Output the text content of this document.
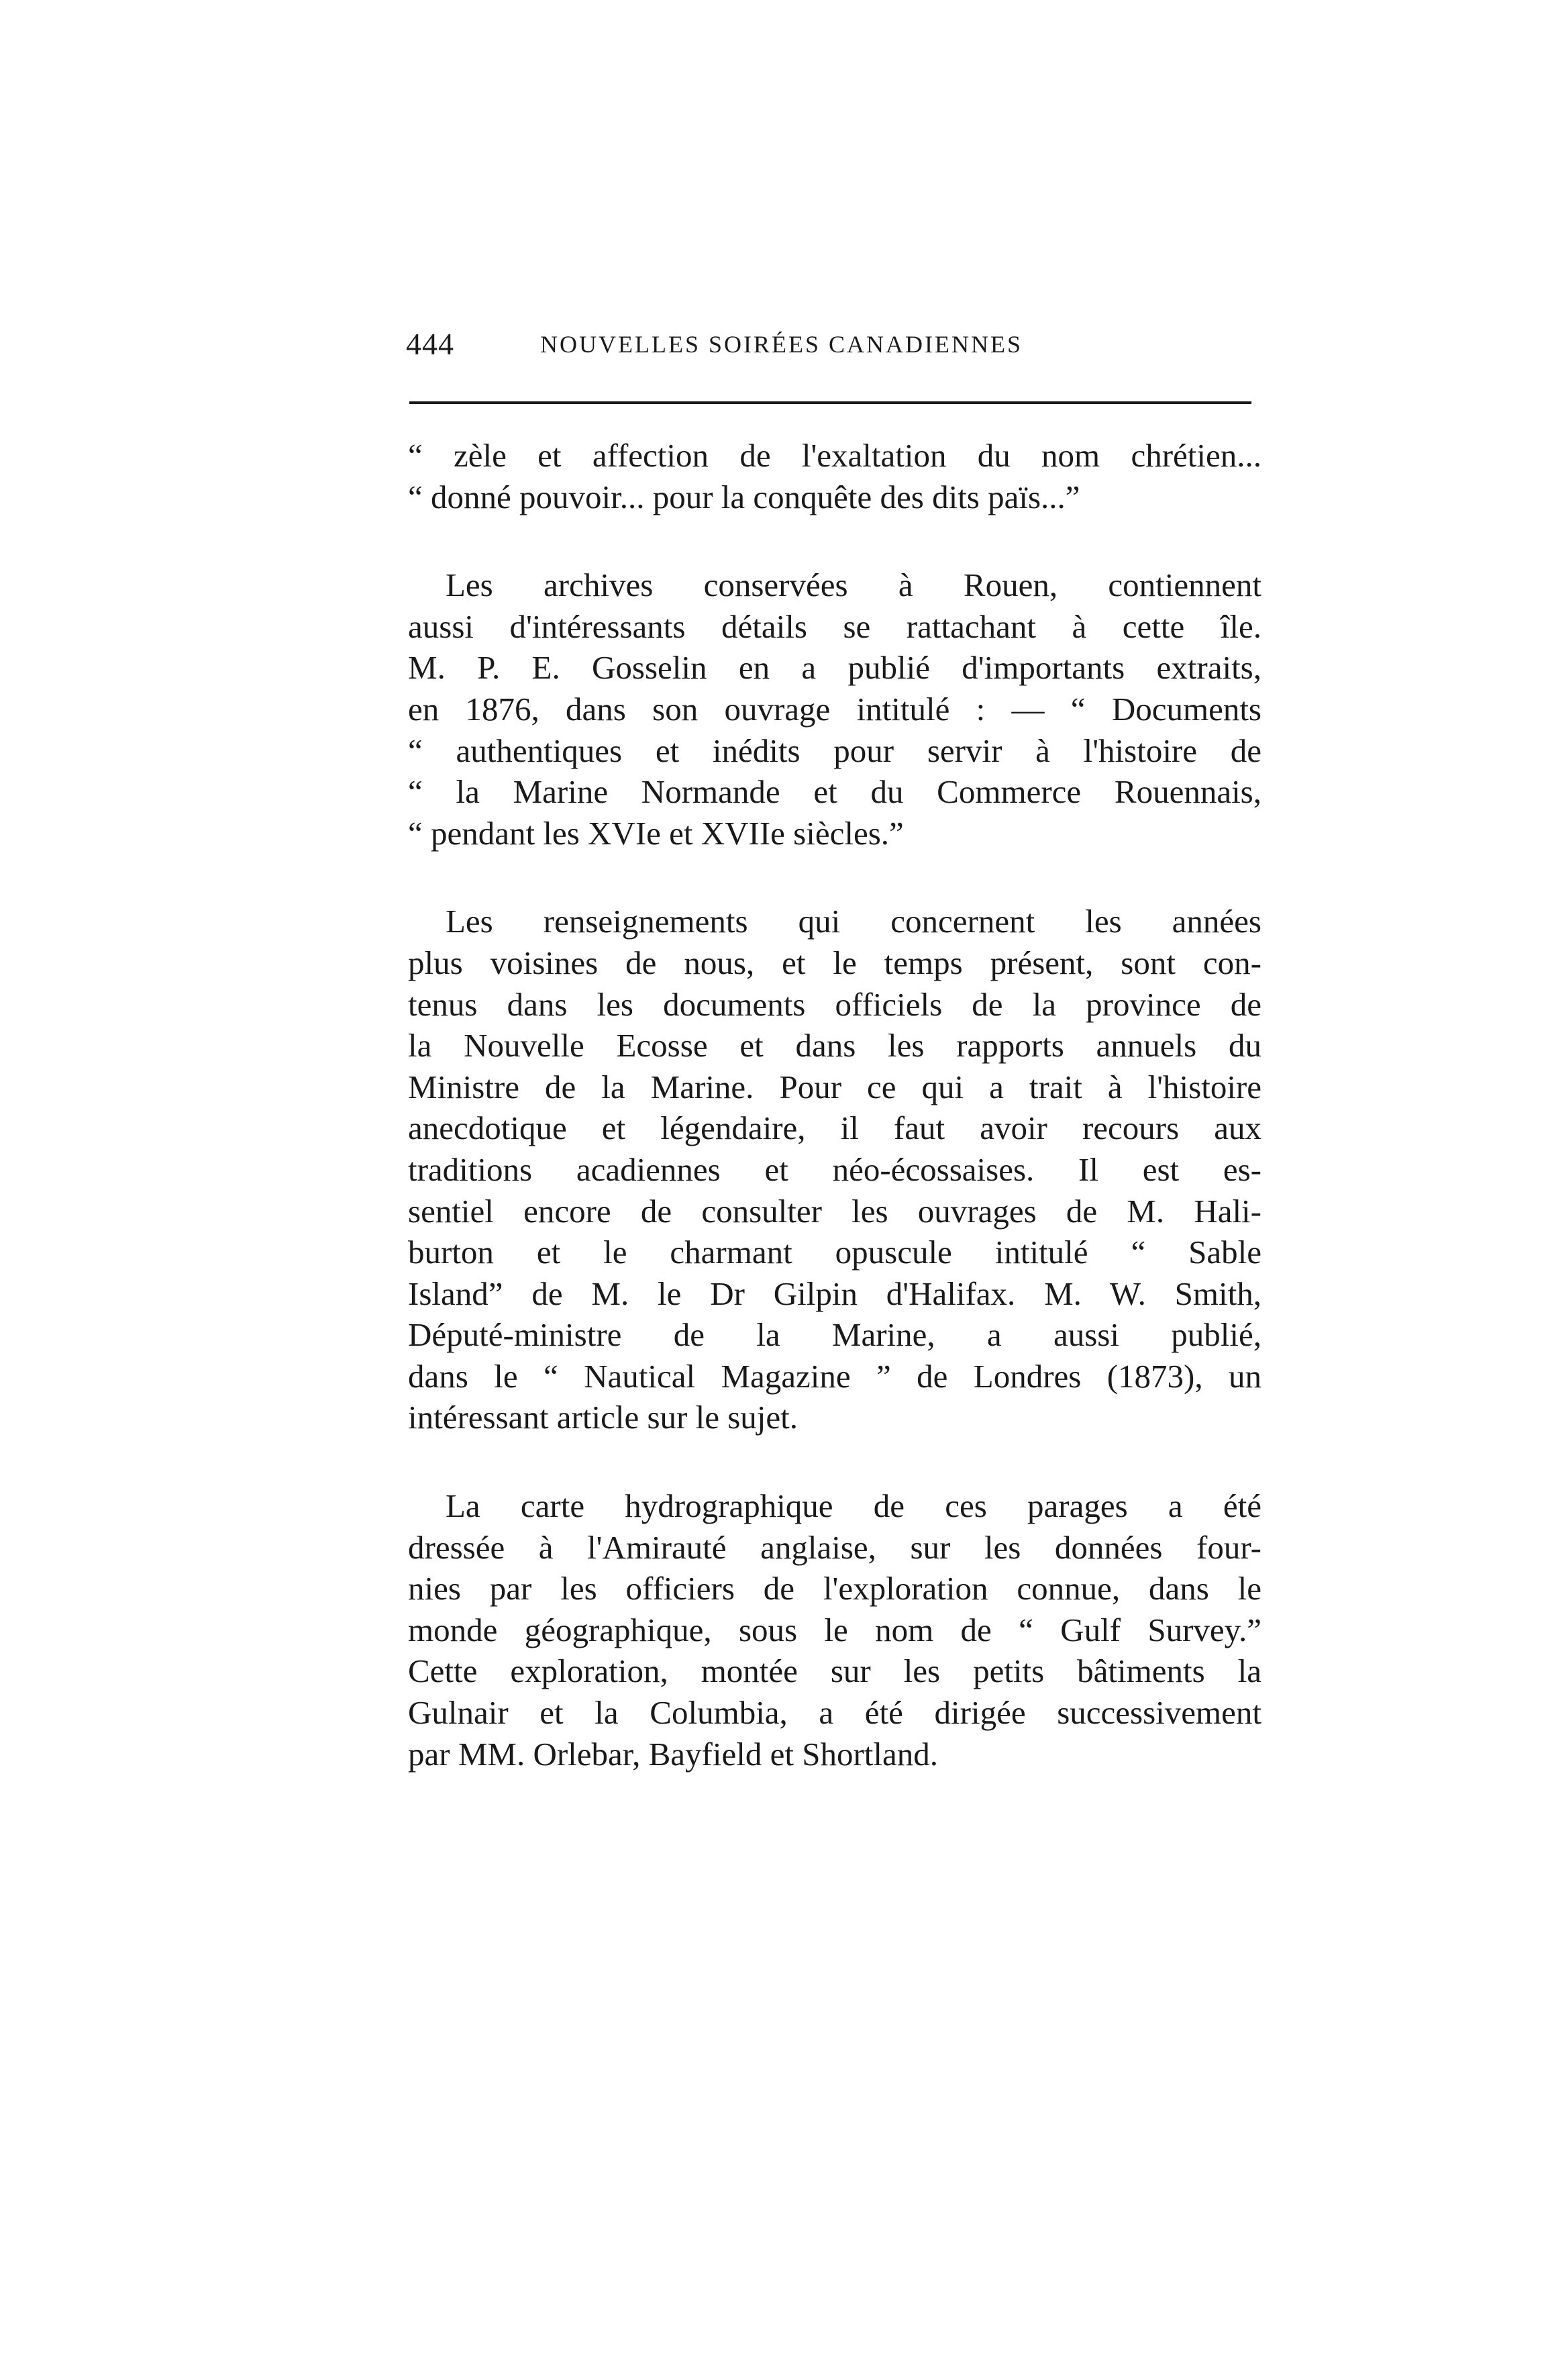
444	NOUVELLES SOIRÉES CANADIENNES
“ zèle et affection de l'exaltation du nom chrétien...
“ donné pouvoir... pour la conquête des dits païs...”
Les archives conservées à Rouen, contiennent
aussi d'intéressants détails se rattachant à cette île.
M. P. E. Gosselin en a publié d'importants extraits,
en 1876, dans son ouvrage intitulé : — “ Documents
“ authentiques et inédits pour servir à l'histoire de
“ la Marine Normande et du Commerce Rouennais,
“ pendant les XVIe et XVIIe siècles.”
Les renseignements qui concernent les années
plus voisines de nous, et le temps présent, sont con-
tenus dans les documents officiels de la province de
la Nouvelle Ecosse et dans les rapports annuels du
Ministre de la Marine. Pour ce qui a trait à l'histoire
anecdotique et légendaire, il faut avoir recours aux
traditions acadiennes et néo-écossaises. Il est es-
sentiel encore de consulter les ouvrages de M. Hali-
burton et le charmant opuscule intitulé “ Sable
Island” de M. le Dr Gilpin d'Halifax. M. W. Smith,
Député-ministre de la Marine, a aussi publié,
dans le “ Nautical Magazine ” de Londres (1873), un
intéressant article sur le sujet.
La carte hydrographique de ces parages a été
dressée à l'Amirauté anglaise, sur les données four-
nies par les officiers de l'exploration connue, dans le
monde géographique, sous le nom de “ Gulf Survey.”
Cette exploration, montée sur les petits bâtiments la
Gulnair et la Columbia, a été dirigée successivement
par MM. Orlebar, Bayfield et Shortland.
